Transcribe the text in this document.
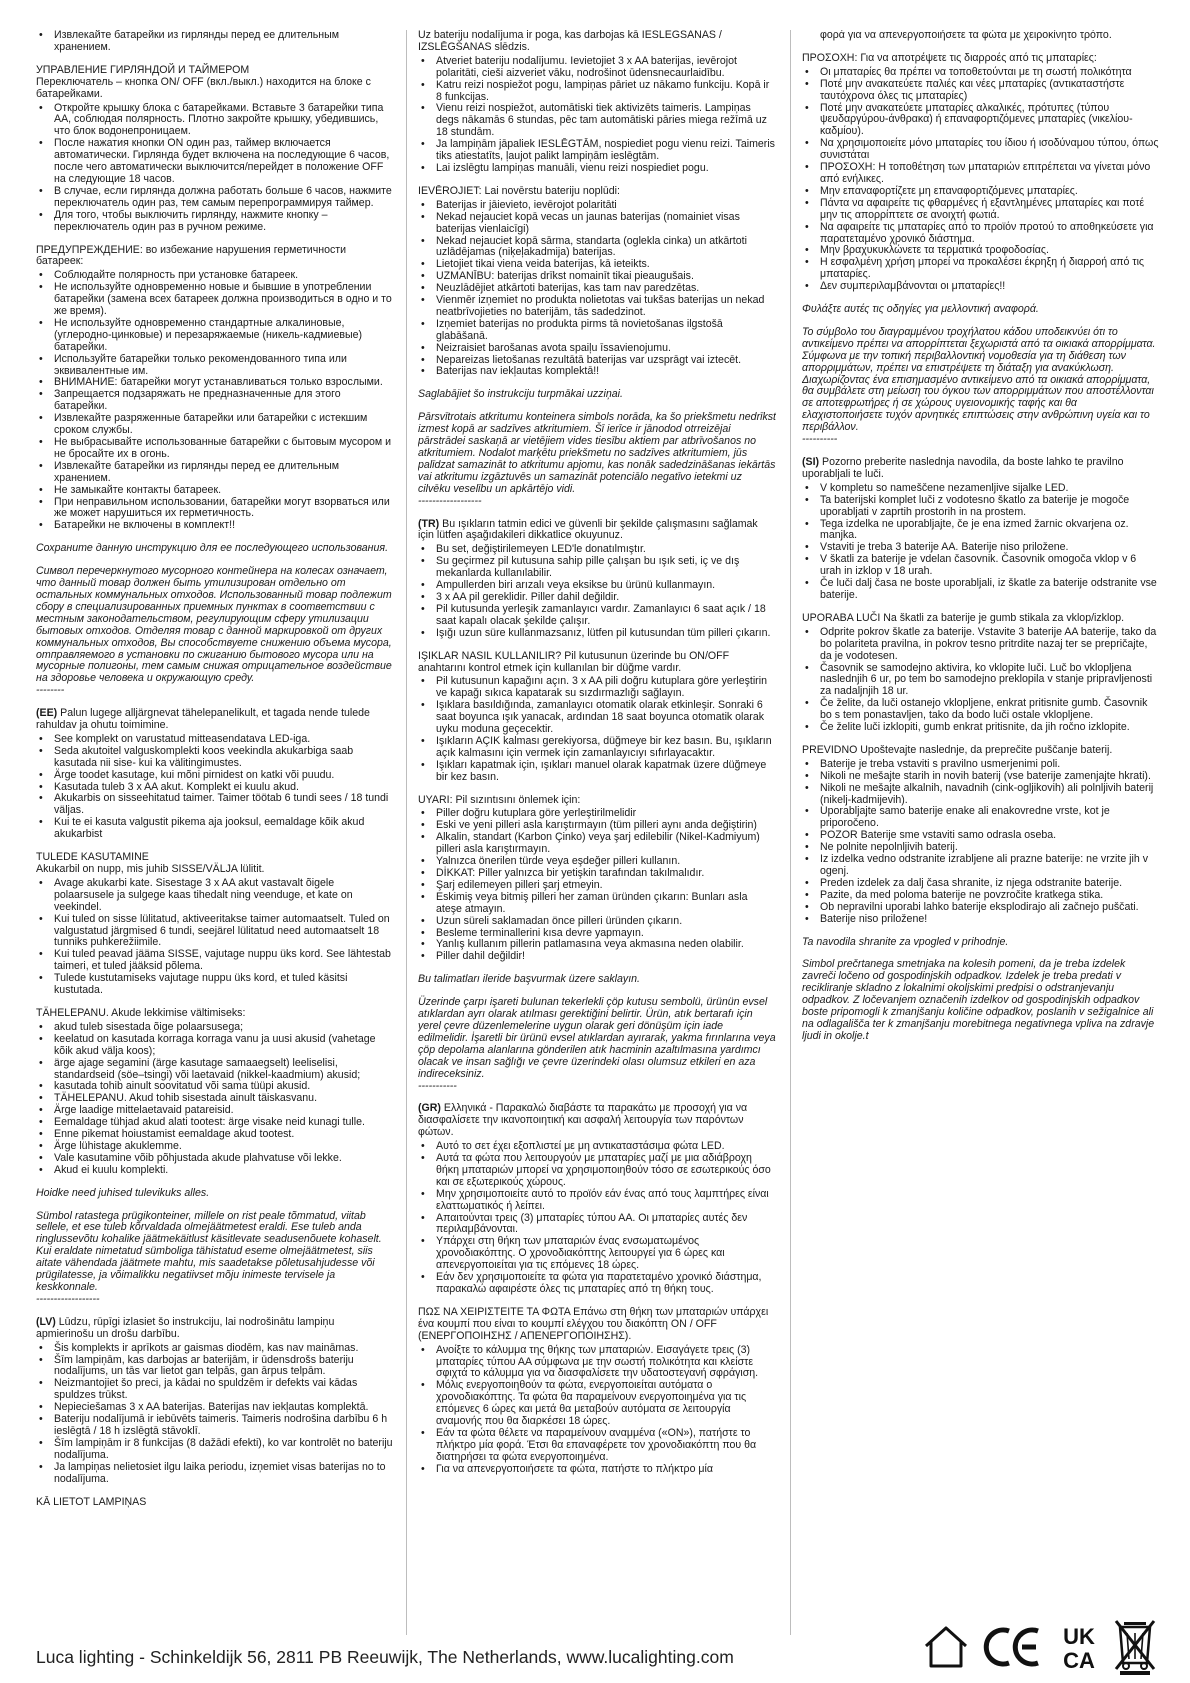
• Извлекайте батарейки из гирлянды перед ее длительным хранением.
УПРАВЛЕНИЕ ГИРЛЯНДОЙ И ТАЙМЕРОМ
Переключатель – кнопка ON/ OFF (вкл./выкл.) находится на блоке с батарейками.
• Откройте крышку блока с батарейками. Вставьте 3 батарейки типа АА, соблюдая полярность. Плотно закройте крышку, убедившись, что блок водонепроницаем.
• После нажатия кнопки ON один раз, таймер включается автоматически. Гирлянда будет включена на последующие 6 часов, после чего автоматически выключится/перейдет в положение OFF на следующие 18 часов.
• В случае, если гирлянда должна работать больше 6 часов, нажмите переключатель один раз, тем самым перепрограммируя таймер.
• Для того, чтобы выключить гирлянду, нажмите кнопку – переключатель один раз в ручном режиме.
ПРЕДУПРЕЖДЕНИЕ: во избежание нарушения герметичности батареек:
• Соблюдайте полярность при установке батареек.
• Не используйте одновременно новые и бывшие в употреблении батарейки (замена всех батареек должна производиться в одно и то же время).
• Не используйте одновременно стандартные алкалиновые,(углеродно-цинковые) и перезаряжаемые (никель-кадмиевые) батарейки.
• Используйте батарейки только рекомендованного типа или эквивалентные им.
• ВНИМАНИЕ: батарейки могут устанавливаться только взрослыми.
• Запрещается подзаряжать не предназначенные для этого батарейки.
• Извлекайте разряженные батарейки или батарейки с истекшим сроком службы.
• Не выбрасывайте использованные батарейки с бытовым мусором и не бросайте их в огонь.
• Извлекайте батарейки из гирлянды перед ее длительным хранением.
• Не замыкайте контакты батареек.
• При неправильном использовании, батарейки могут взорваться или же может нарушиться их герметичность.
• Батарейки не включены в комплект!!
Сохраните данную инструкцию для ее последующего использования.
Символ перечеркнутого мусорного контейнера на колесах означает, что данный товар должен быть утилизирован отдельно от остальных коммунальных отходов. Использованный товар подлежит сбору в специализированных приемных пунктах в соответствии с местным законодательством, регулирующим сферу утилизации бытовых отходов. Отделяя товар с данной маркировкой от других коммунальных отходов, Вы способствуете снижению объема мусора, отправляемого в установки по сжиганию бытового мусора или на мусорные полигоны, тем самым снижая отрицательное воздействие на здоровье человека и окружающую среду.
--------
(EE) Palun lugege alljärgnevat tähelepanelikult, et tagada nende tulede rahuldav ja ohutu toimimine.
• See komplekt on varustatud mitteasendatava LED-iga.
• Seda akutoitel valguskomplekti koos veekindla akukarbiga saab kasutada nii sise- kui ka välitingimustes.
• Ärge toodet kasutage, kui mõni pirnidest on katki või puudu.
• Kasutada tuleb 3 x AA akut. Komplekt ei kuulu akud.
• Akukarbis on sisseehitatud taimer. Taimer töötab 6 tundi sees / 18 tundi väljas.
• Kui te ei kasuta valgustit pikema aja jooksul, eemaldage kõik akud akukarbist
TULEDE KASUTAMINE
Akukarbil on nupp, mis juhib SISSE/VÄLJA lülitit.
• Avage akukarbi kate. Sisestage 3 x AA akut vastavalt õigele polaarsusele ja sulgege kaas tihedalt ning veenduge, et kate on veekindel.
• Kui tuled on sisse lülitatud, aktiveeritakse taimer automaatselt. Tuled on valgustatud järgmised 6 tundi, seejärel lülitatud need automaatselt 18 tunniks puhkerežiimile.
• Kui tuled peavad jääma SISSE, vajutage nuppu üks kord. See lähtestab taimeri, et tuled jääksid põlema.
• Tulede kustutamiseks vajutage nuppu üks kord, et tuled käsitsi kustutada.
TÄHELEPANU. Akude lekkimise vältimiseks:
• akud tuleb sisestada õige polaarsusega;
• keelatud on kasutada korraga korraga vanu ja uusi akusid (vahetage kõik akud välja koos);
• ärge ajage segamini (ärge kasutage samaaegselt) leeliselisi, standardseid (söe–tsingi) või laetavaid (nikkel-kaadmium) akusid;
• kasutada tohib ainult soovitatud või sama tüüpi akusid.
• TÄHELEPANU. Akud tohib sisestada ainult täiskasvanu.
• Ärge laadige mittelaetavaid patareisid.
• Eemaldage tühjad akud alati tootest: ärge visake neid kunagi tulle.
• Enne pikemat hoiustamist eemaldage akud tootest.
• Ärge lühistage akuklemme.
• Vale kasutamine võib põhjustada akude plahvatuse või lekke.
• Akud ei kuulu komplekti.
Hoidke need juhised tulevikuks alles.
Sümbol ratastega prügikonteiner, millele on rist peale tõmmatud, viitab sellele, et ese tuleb kõrvaldada olmejäätmetest eraldi. Ese tuleb anda ringlussevõtu kohalike jäätmekäitlust käsitlevate seadusenõuete kohaselt. Kui eraldate nimetatud sümboliga tähistatud eseme olmejäätmetest, siis aitate vähendada jäätmete mahtu, mis saadetakse põletusahjudesse või prügilatesse, ja võimalikku negatiivset mõju inimeste tervisele ja keskkonnale.
------------------
(LV) Lūdzu, rūpīgi izlasiet šo instrukciju, lai nodrošinātu lampiņu apmierinošu un drošu darbību.
• Šis komplekts ir aprīkots ar gaismas diodēm, kas nav maināmas.
• Šīm lampiņām, kas darbojas ar baterijām, ir ūdensdrošs bateriju nodalījums, un tās var lietot gan telpās, gan ārpus telpām.
• Neizmantojiet šo preci, ja kādai no spuldzēm ir defekts vai kādas spuldzes trūkst.
• Nepieciešamas 3 x AA baterijas. Baterijas nav iekļautas komplektā.
• Bateriju nodalījumā ir iebūvēts taimeris. Taimeris nodrošina darbību 6 h ieslēgtā / 18 h izslēgtā stāvoklī.
• Šīm lampiņām ir 8 funkcijas (8 dažādi efekti), ko var kontrolēt no bateriju nodalījuma.
• Ja lampiņas nelietosiet ilgu laika periodu, izņemiet visas baterijas no to nodalījuma.
KĀ LIETOT LAMPIŅAS
Uz bateriju nodalījuma ir poga, kas darbojas kā IESLĒGŠANAS / IZSLĒGŠANAS slēdzis.
• Atveriet bateriju nodalījumu. Ievietojiet 3 x AA baterijas, ievērojot polaritāti, cieši aizveriet vāku, nodrošinot ūdensnecaurlaidību.
• Katru reizi nospiežot pogu, lampiņas pāriet uz nākamo funkciju. Kopā ir 8 funkcijas.
• Vienu reizi nospiežot, automātiski tiek aktivizēts taimeris. Lampiņas degs nākamās 6 stundas, pēc tam automātiski pāries miega režīmā uz 18 stundām.
• Ja lampiņām jāpaliek IESLĒGTĀM, nospiediet pogu vienu reizi. Taimeris tiks atiestatīts, ļaujot palikt lampiņām ieslēgtām.
• Lai izslēgtu lampiņas manuāli, vienu reizi nospiediet pogu.
IEVĒROJIET: Lai novērstu bateriju noplūdi:
• Baterijas ir jāievieto, ievērojot polaritāti
• Nekad nejauciet kopā vecas un jaunas baterijas (nomainiet visas baterijas vienlaicīgi)
• Nekad nejauciet kopā sārma, standarta (ogleklа cinka) un atkārtoti uzlādējamas (niķeļakadmija) baterijas.
• Lietojiet tikai vienа veida baterijas, kā ieteikts.
• UZMANĪBU: baterijas drīkst nomainīt tikai pieaugušais.
• Neuzlādējiet atkārtoti baterijas, kas tam nav paredzētas.
• Vienmēr izņemiet no produkta nolietotas vai tukšas baterijas un nekad neatbrīvojieties no baterijām, tās sadedzinot.
• Izņemiet baterijas no produkta pirms tā novietošanas ilgstošā glabāšanā.
• Neizraisiet barošanas avota spaiļu īssavienojumu.
• Nepareizas lietošanas rezultātā baterijas var uzsprāgt vai iztecēt.
• Baterijas nav iekļautas komplektā!!
Saglabājiet šo instrukciju turpmākai uzziņai.
Pārsvītrotais atkritumu konteinera simbols norāda, ka šo priekšmetu nedrīkst izmest kopā ar sadzīves atkritumiem. Šī ierīce ir jānodod otrreizējai pārstrādei saskaņā ar vietējiem vides tiesību aktiem par atbrīvošanos no atkritumiem. Nodalot marķētu priekšmetu no sadzīves atkritumiem, jūs palīdzat samazināt to atkritumu apjomu, kas nonāk sadedzināšanas iekārtās vai atkritumu izgāztuvēs un samazināt potenciālo negatīvo ietekmi uz cilvēku veselību un apkārtējo vidi.
------------------
(TR) Bu ışıkların tatmin edici ve güvenli bir şekilde çalışmasını sağlamak için lütfen aşağıdakileri dikkatlice okuyunuz.
• Bu set, değiştirilemeyen LED'le donatılmıştır.
• Su geçirmez pil kutusuna sahip pille çalışan bu ışık seti, iç ve dış mekanlarda kullanılabilir.
• Ampullerden biri arızalı veya eksikse bu ürünü kullanmayın.
• 3 x AA pil gereklidir. Piller dahil değildir.
• Pil kutusunda yerleşik zamanlayıcı vardır. Zamanlayıcı 6 saat açık / 18 saat kapalı olacak şekilde çalışır.
• Işığı uzun süre kullanmazsanız, lütfen pil kutusundan tüm pilleri çıkarın.
IŞIKLAR NASIL KULLANILIR? Pil kutusunun üzerinde bu ON/OFF anahtarını kontrol etmek için kullanılan bir düğme vardır.
• Pil kutusunun kapağını açın. 3 x AA pili doğru kutuplara göre yerleştirin ve kapağı sıkıca kapatarak su sızdırmazlığı sağlayın.
• Işıklara basıldığında, zamanlayıcı otomatik olarak etkinleşir. Sonraki 6 saat boyunca ışık yanacak, ardından 18 saat boyunca otomatik olarak uyku moduna geçecektir.
• Işıkların AÇIK kalması gerekiyorsa, düğmeye bir kez basın. Bu, ışıkların açık kalmasını için vermek için zamanlayıcıyı sıfırlayacaktır.
• Işıkları kapatmak için, ışıkları manuel olarak kapatmak üzere düğmeye bir kez basın.
UYARI: Pil sızıntısını önlemek için:
• Piller doğru kutuplara göre yerleştirilmelidir
• Eski ve yeni pilleri asla karıştırmayın (tüm pilleri aynı anda değiştirin)
• Alkalin, standart (Karbon Çinko) veya şarj edilebilir (Nikel-Kadmiyum) pilleri asla karıştırmayın.
• Yalnızca önerilen türde veya eşdeğer pilleri kullanın.
• DİKKAT: Piller yalnızca bir yetişkin tarafından takılmalıdır.
• Şarj edilemeyen pilleri şarj etmeyin.
• Eskimiş veya bitmiş pilleri her zaman üründen çıkarın: Bunları asla ateşe atmayın.
• Uzun süreli saklamadan önce pilleri üründen çıkarın.
• Besleme terminallerini kısa devre yapmayın.
• Yanlış kullanım pillerin patlamasına veya akmasına neden olabilir.
• Piller dahil değildir!
Bu talimatları ileride başvurmak üzere saklayın.
Üzerinde çarpı işareti bulunan tekerlekli çöp kutusu sembolü, ürünün evsel atıklardan ayrı olarak atılması gerektiğini belirtir. Ürün, atık bertarafı için yerel çevre düzenlemelerine uygun olarak geri dönüşüm için iade edilmelidir. İşaretli bir ürünü evsel atıklardan ayırarak, yakma fırınlarına veya çöp depolama alanlarına gönderilen atık hacminin azaltılmasına yardımcı olacak ve insan sağlığı ve çevre üzerindeki olası olumsuz etkileri en aza indireceksiniz.
-----------
(GR) Ελληνικά - Παρακαλώ διαβάστε τα παρακάτω με προσοχή για να διασφαλίσετε την ικανοποιητική και ασφαλή λειτουργία των παρόντων φώτων.
• Αυτό το σετ έχει εξοπλιστεί με μη αντικαταστάσιμα φώτα LED.
• Αυτά τα φώτα που λειτουργούν με μπαταρίες μαζί με μια αδιάβροχη θήκη μπαταριών μπορεί να χρησιμοποιηθούν τόσο σε εσωτερικούς όσο και σε εξωτερικούς χώρους.
• Μην χρησιμοποιείτε αυτό το προϊόν εάν ένας από τους λαμπτήρες είναι ελαττωματικός ή λείπει.
• Απαιτούνται τρεις (3) μπαταρίες τύπου ΑΑ. Οι μπαταρίες αυτές δεν περιλαμβάνονται.
• Υπάρχει στη θήκη των μπαταριών ένας ενσωματωμένος χρονοδιακόπτης. Ο χρονοδιακόπτης λειτουργεί για 6 ώρες και απενεργοποιείται για τις επόμενες 18 ώρες.
• Εάν δεν χρησιμοποιείτε τα φώτα για παρατεταμένο χρονικό διάστημα, παρακαλώ αφαιρέστε όλες τις μπαταρίες από τη θήκη τους.
ΠΩΣ ΝΑ ΧΕΙΡΙΣΤΕΙΤΕ ΤΑ ΦΩΤΑ Επάνω στη θήκη των μπαταριών υπάρχει ένα κουμπί που είναι το κουμπί ελέγχου του διακόπτη ON / OFF (ΕΝΕΡΓΟΠΟΙΗΣΗΣ / ΑΠΕΝΕΡΓΟΠΟΙΗΣΗΣ).
• Ανοίξτε το κάλυμμα της θήκης των μπαταριών. Εισαγάγετε τρεις (3) μπαταρίες τύπου ΑΑ σύμφωνα με την σωστή πολικότητα και κλείστε σφιχτά το κάλυμμα για να διασφαλίσετε την υδατοστεγανή σφράγιση.
• Μόλις ενεργοποιηθούν τα φώτα, ενεργοποιείται αυτόματα ο χρονοδιακόπτης. Τα φώτα θα παραμείνουν ενεργοποιημένα για τις επόμενες 6 ώρες και μετά θα μεταβούν αυτόματα σε λειτουργία αναμονής που θα διαρκέσει 18 ώρες.
• Εάν τα φώτα θέλετε να παραμείνουν αναμμένα («ΟΝ»), πατήστε το πλήκτρο μία φορά. Έτσι θα επαναφέρετε τον χρονοδιακόπτη που θα διατηρήσει τα φώτα ενεργοποιημένα.
• Για να απενεργοποιήσετε τα φώτα, πατήστε το πλήκτρο μία
φορά για να απενεργοποιήσετε τα φώτα με χειροκίνητο τρόπο.
ΠΡΟΣΟΧΗ: Για να αποτρέψετε τις διαρροές από τις μπαταρίες:
• Οι μπαταρίες θα πρέπει να τοποθετούνται με τη σωστή πολικότητα
• Ποτέ μην ανακατεύετε παλιές και νέες μπαταρίες (αντικαταστήστε ταυτόχρονα όλες τις μπαταρίες)
• Ποτέ μην ανακατεύετε μπαταρίες αλκαλικές, πρότυπες (τύπου ψευδαργύρου-άνθρακα) ή επαναφορτιζόμενες μπαταρίες (νικελίου-καδμίου).
• Να χρησιμοποιείτε μόνο μπαταρίες του ίδιου ή ισοδύναμου τύπου, όπως συνιστάται
• ΠΡΟΣΟΧΗ: Η τοποθέτηση των μπαταριών επιτρέπεται να γίνεται μόνο από ενήλικες.
• Μην επαναφορτίζετε μη επαναφορτιζόμενες μπαταρίες.
• Πάντα να αφαιρείτε τις φθαρμένες ή εξαντλημένες μπαταρίες και ποτέ μην τις απορρίπτετε σε ανοιχτή φωτιά.
• Να αφαιρείτε τις μπαταρίες από το προϊόν προτού το αποθηκεύσετε για παρατεταμένο χρονικό διάστημα.
• Μην βραχυκυκλώνετε τα τερματικά τροφοδοσίας.
• Η εσφαλμένη χρήση μπορεί να προκαλέσει έκρηξη ή διαρροή από τις μπαταρίες.
• Δεν συμπεριλαμβάνονται οι μπαταρίες!!
Φυλάξτε αυτές τις οδηγίες για μελλοντική αναφορά.
Το σύμβολο του διαγραμμένου τροχήλατου κάδου υποδεικνύει ότι το αντικείμενο πρέπει να απορρίπτεται ξεχωριστά από τα οικιακά απορρίμματα. Σύμφωνα με την τοπική περιβαλλοντική νομοθεσία για τη διάθεση των απορριμμάτων, πρέπει να επιστρέψετε τη διάταξη για ανακύκλωση. Διαχωρίζοντας ένα επισημασμένο αντικείμενο από τα οικιακά απορρίμματα, θα συμβάλετε στη μείωση του όγκου των απορριμμάτων που αποστέλλονται σε αποτεφρωτήρες ή σε χώρους υγειονομικής ταφής και θα ελαχιστοποιήσετε τυχόν αρνητικές επιπτώσεις στην ανθρώπινη υγεία και το περιβάλλον.
----------
(SI) Pozorno preberite naslednja navodila, da boste lahko te pravilno uporabljali te luči.
• V kompletu so nameščene nezamenljive sijalke LED.
• Ta baterijski komplet luči z vodotesno škatlo za baterije je mogoče uporabljati v zaprtih prostorih in na prostem.
• Tega izdelka ne uporabljajte, če je ena izmed žarnic okvarjena oz. manjka.
• Vstaviti je treba 3 baterije AA. Baterije niso priložene.
• V škatli za baterije je vdelan časovnik. Časovnik omogoča vklop v 6 urah in izklop v 18 urah.
• Če luči dalj časa ne boste uporabljali, iz škatle za baterije odstranite vse baterije.
UPORABA LUČI Na škatli za baterije je gumb stikala za vklop/izklop.
• Odprite pokrov škatle za baterije. Vstavite 3 baterije AA baterije, tako da bo polariteta pravilna, in pokrov tesno pritrdite nazaj ter se prepričajte, da je vodotesen.
• Časovnik se samodejno aktivira, ko vklopite luči. Luč bo vklopljena naslednjih 6 ur, po tem bo samodejno preklopila v stanje pripravljenosti za nadaljnjih 18 ur.
• Če želite, da luči ostanejo vklopljene, enkrat pritisnite gumb. Časovnik bo s tem ponastavljen, tako da bodo luči ostale vklopljene.
• Če želite luči izklopiti, gumb enkrat pritisnite, da jih ročno izklopite.
PREVIDNO Upoštevajte naslednje, da preprečite puščanje baterij.
• Baterije je treba vstaviti s pravilno usmerjenimi poli.
• Nikoli ne mešajte starih in novih baterij (vse baterije zamenjajte hkrati).
• Nikoli ne mešajte alkalnih, navadnih (cink-ogljikovih) ali polnljivih baterij (nikelj-kadmijevih).
• Uporabljajte samo baterije enake ali enakovredne vrste, kot je priporočeno.
• POZOR Baterije sme vstaviti samo odrasla oseba.
• Ne polnite nepolnljivih baterij.
• Iz izdelka vedno odstranite izrabljene ali prazne baterije: ne vrzite jih v ogenj.
• Preden izdelek za dalj časa shranite, iz njega odstranite baterije.
• Pazite, da med poloma baterije ne povzročite kratkega stika.
• Ob nepravilni uporabi lahko baterije eksplodirajo ali začnejo puščati.
• Baterije niso priložene!
Ta navodila shranite za vpogled v prihodnje.
Simbol prečrtanega smetnjaka na kolesih pomeni, da je treba izdelek zavreči ločeno od gospodinjskih odpadkov. Izdelek je treba predati v recikliranje skladno z lokalnimi okoljskimi predpisi o odstranjevanju odpadkov. Z ločevanjem označenih izdelkov od gospodinjskih odpadkov boste pripomogli k zmanjšanju količine odpadkov, poslanih v sežigalnice ali na odlagališča ter k zmanjšanju morebitnega negativnega vpliva na zdravje ljudi in okolje.t
Luca lighting - Schinkeldijk 56, 2811 PB Reeuwijk, The Netherlands, www.lucalighting.com
UK
CA
